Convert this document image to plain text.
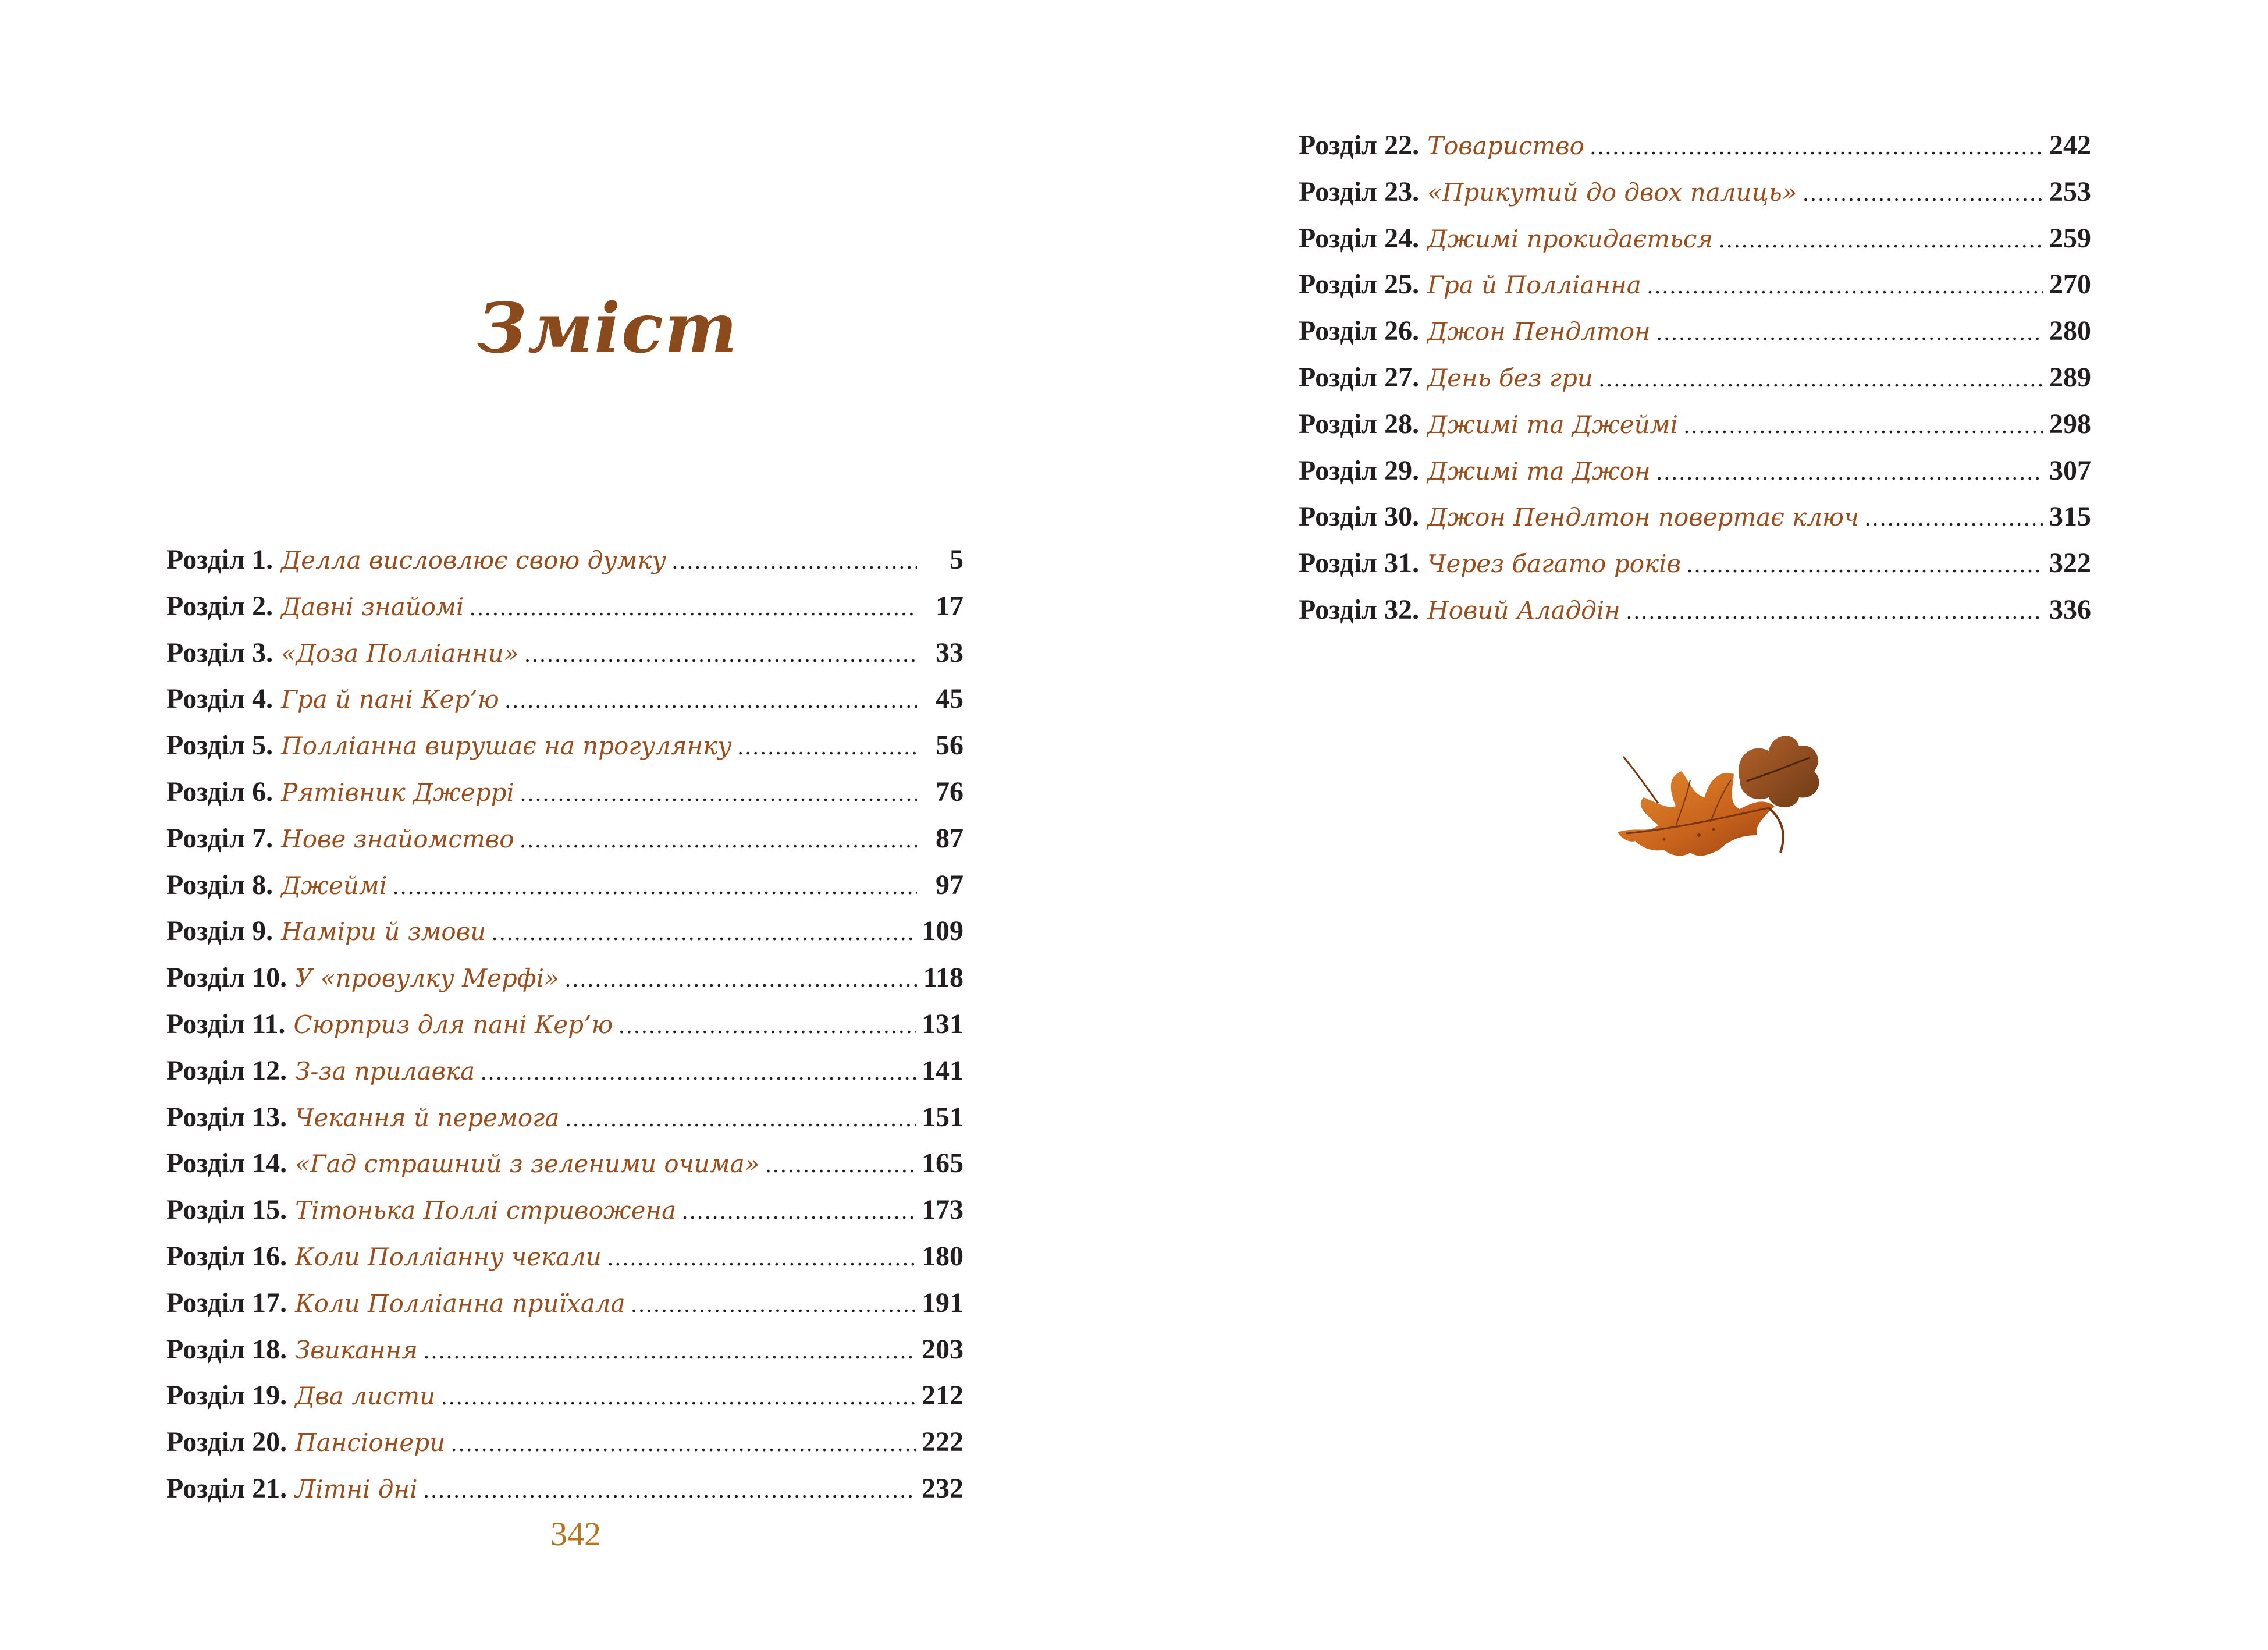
Зміст
Розділ 1. Делла висловлює свою думку .....	5
Розділ 2. Давні знайомі .....	17
Розділ 3. «Доза Полліанни» .....	33
Розділ 4. Гра й пані Кер’ю .....	45
Розділ 5. Полліанна вирушає на прогулянку .....	56
Розділ 6. Рятівник Джеррі .....	76
Розділ 7. Нове знайомство .....	87
Розділ 8. Джеймі .....	97
Розділ 9. Наміри й змови .....	109
Розділ 10. У «провулку Мерфі» .....	118
Розділ 11. Сюрприз для пані Кер’ю .....	131
Розділ 12. З-за прилавка .....	141
Розділ 13. Чекання й перемога .....	151
Розділ 14. «Гад страшний з зеленими очима» .....	165
Розділ 15. Тітонька Поллі стривожена .....	173
Розділ 16. Коли Полліанну чекали .....	180
Розділ 17. Коли Полліанна приїхала .....	191
Розділ 18. Звикання .....	203
Розділ 19. Два листи .....	212
Розділ 20. Пансіонери .....	222
Розділ 21. Літні дні .....	232
342
Розділ 22. Товариство .....	242
Розділ 23. «Прикутий до двох палиць» .....	253
Розділ 24. Джимі прокидається .....	259
Розділ 25. Гра й Полліанна .....	270
Розділ 26. Джон Пендлтон .....	280
Розділ 27. День без гри .....	289
Розділ 28. Джимі та Джеймі .....	298
Розділ 29. Джимі та Джон .....	307
Розділ 30. Джон Пендлтон повертає ключ .....	315
Розділ 31. Через багато років .....	322
Розділ 32. Новий Аладдін .....	336
